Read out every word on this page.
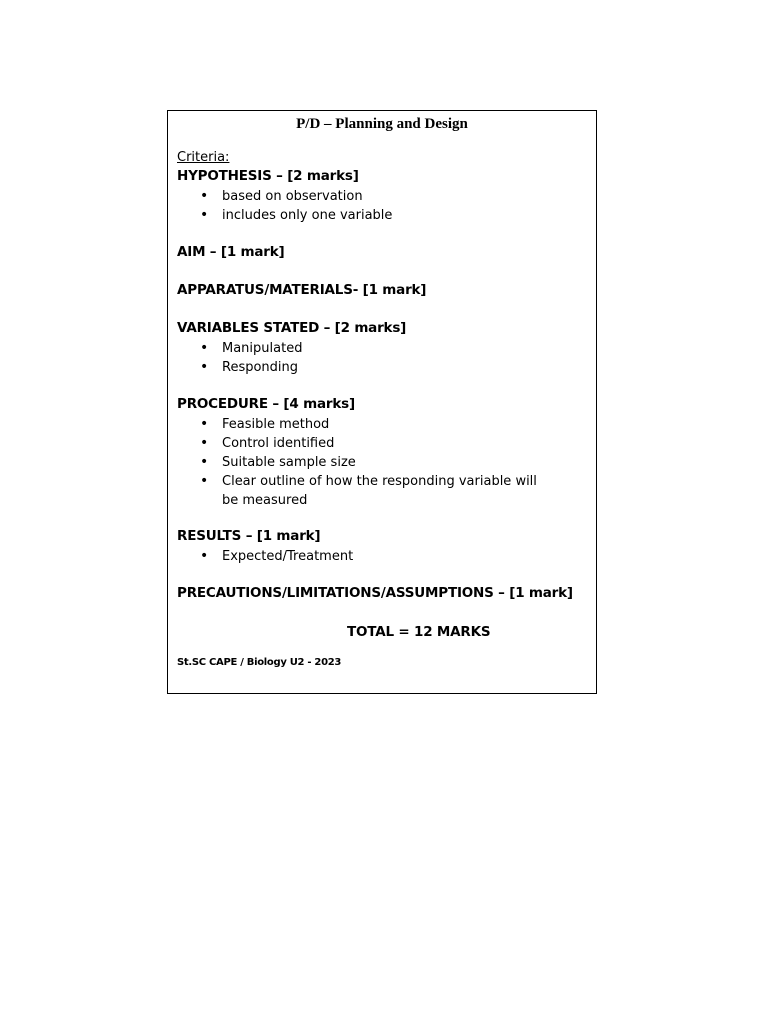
P/D – Planning and Design
Criteria:
HYPOTHESIS – [2 marks]
• based on observation
• includes only one variable
AIM – [1 mark]
APPARATUS/MATERIALS- [1 mark]
VARIABLES STATED – [2 marks]
• Manipulated
• Responding
PROCEDURE – [4 marks]
• Feasible method
• Control identified
• Suitable sample size
• Clear outline of how the responding variable will be measured
RESULTS – [1 mark]
• Expected/Treatment
PRECAUTIONS/LIMITATIONS/ASSUMPTIONS – [1 mark]
TOTAL = 12 MARKS
St.SC CAPE / Biology U2 - 2023
